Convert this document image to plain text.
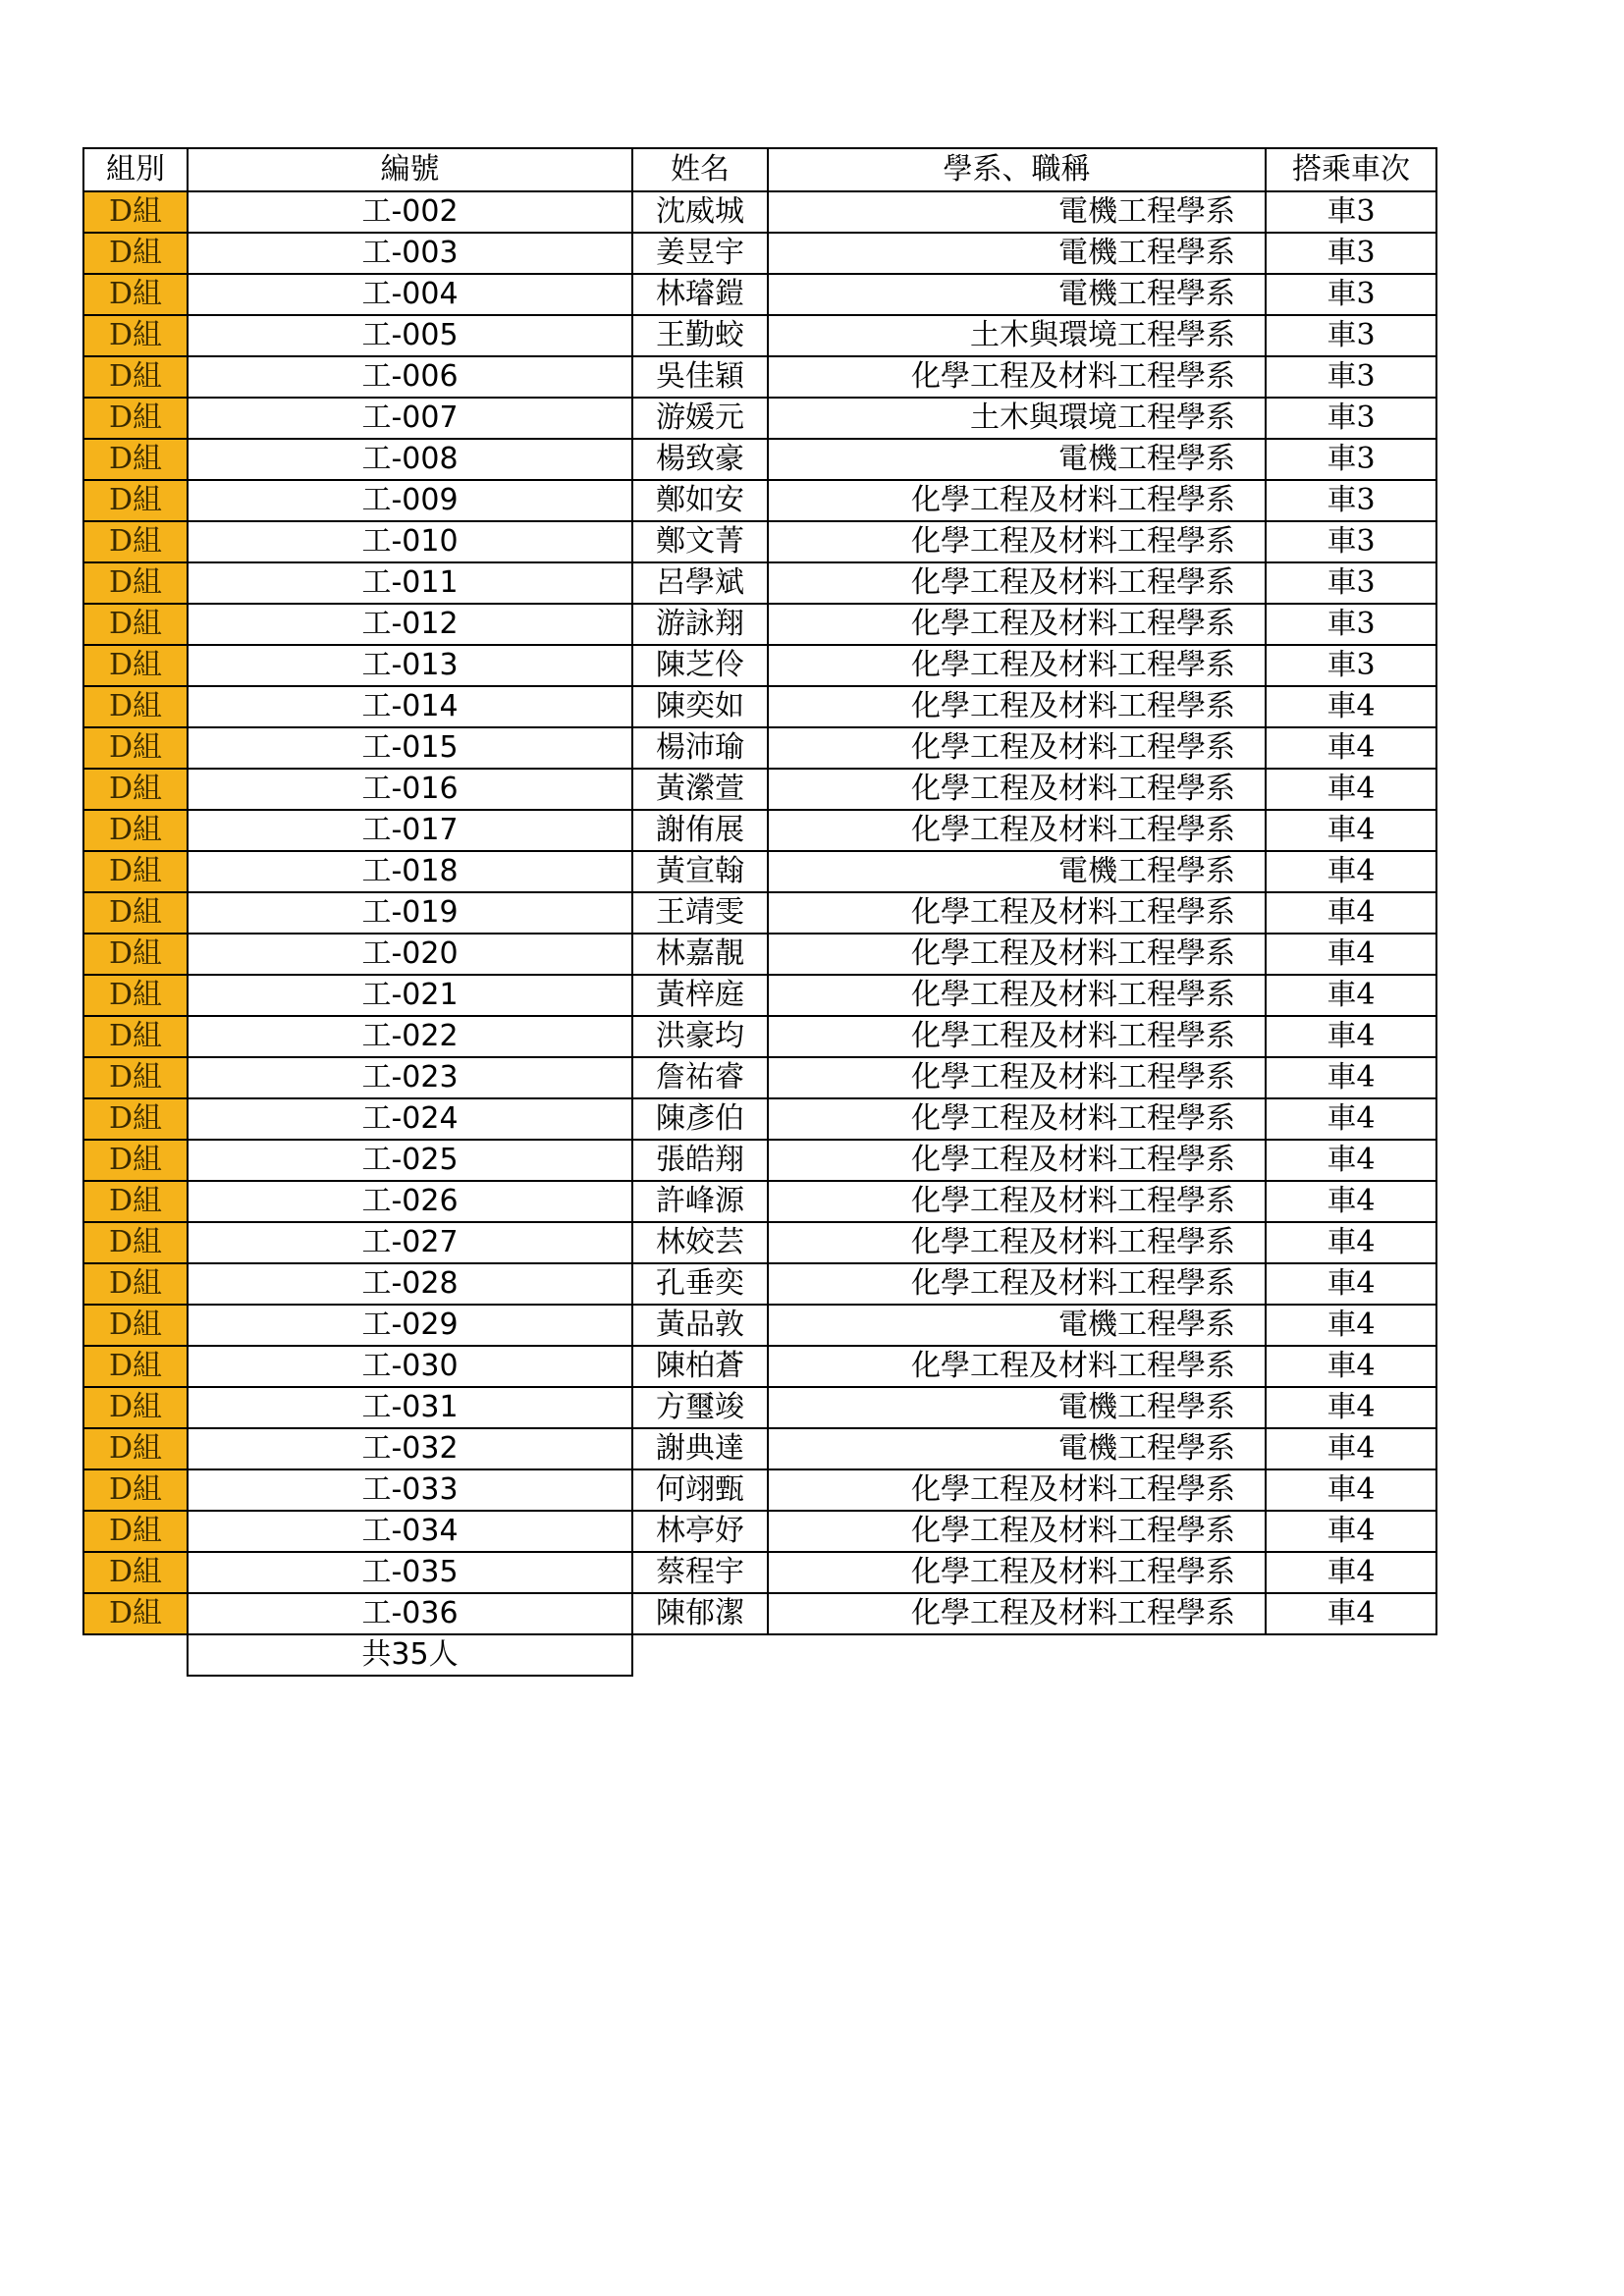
組別	編號	姓名	學系、職稱	搭乘車次
D組	工-002	沈威城	電機工程學系	車3
D組	工-003	姜昱宇	電機工程學系	車3
D組	工-004	林璿鎧	電機工程學系	車3
D組	工-005	王勤蛟	土木與環境工程學系	車3
D組	工-006	吳佳穎	化學工程及材料工程學系	車3
D組	工-007	游媛元	土木與環境工程學系	車3
D組	工-008	楊致豪	電機工程學系	車3
D組	工-009	鄭如安	化學工程及材料工程學系	車3
D組	工-010	鄭文菁	化學工程及材料工程學系	車3
D組	工-011	呂學斌	化學工程及材料工程學系	車3
D組	工-012	游詠翔	化學工程及材料工程學系	車3
D組	工-013	陳芝伶	化學工程及材料工程學系	車3
D組	工-014	陳奕如	化學工程及材料工程學系	車4
D組	工-015	楊沛瑜	化學工程及材料工程學系	車4
D組	工-016	黃瀠萱	化學工程及材料工程學系	車4
D組	工-017	謝侑展	化學工程及材料工程學系	車4
D組	工-018	黃宣翰	電機工程學系	車4
D組	工-019	王靖雯	化學工程及材料工程學系	車4
D組	工-020	林嘉靚	化學工程及材料工程學系	車4
D組	工-021	黃梓庭	化學工程及材料工程學系	車4
D組	工-022	洪豪均	化學工程及材料工程學系	車4
D組	工-023	詹祐睿	化學工程及材料工程學系	車4
D組	工-024	陳彥伯	化學工程及材料工程學系	車4
D組	工-025	張皓翔	化學工程及材料工程學系	車4
D組	工-026	許峰源	化學工程及材料工程學系	車4
D組	工-027	林姣芸	化學工程及材料工程學系	車4
D組	工-028	孔垂奕	化學工程及材料工程學系	車4
D組	工-029	黃品敦	電機工程學系	車4
D組	工-030	陳柏蒼	化學工程及材料工程學系	車4
D組	工-031	方璽竣	電機工程學系	車4
D組	工-032	謝典達	電機工程學系	車4
D組	工-033	何翊甄	化學工程及材料工程學系	車4
D組	工-034	林亭妤	化學工程及材料工程學系	車4
D組	工-035	蔡程宇	化學工程及材料工程學系	車4
D組	工-036	陳郁潔	化學工程及材料工程學系	車4
	共35人			
